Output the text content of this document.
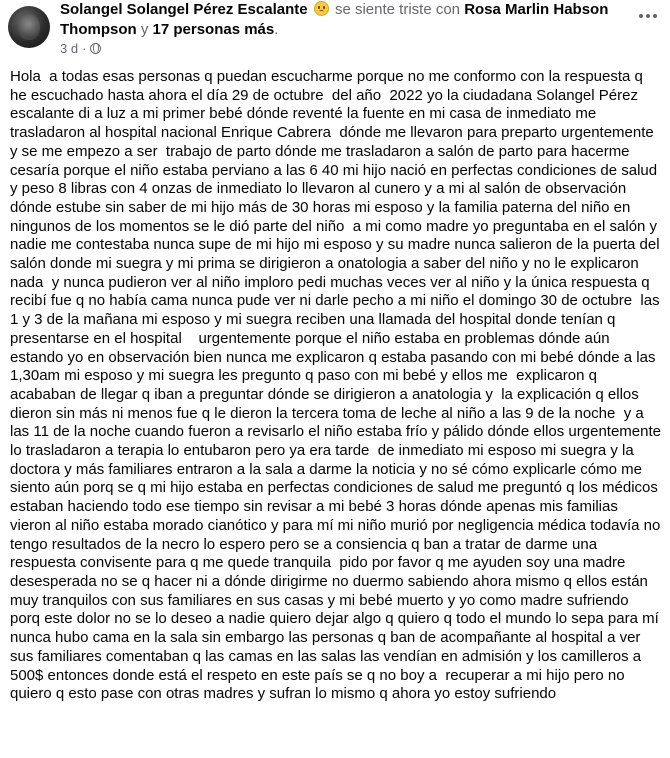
Solangel Solangel Pérez Escalante se siente triste con Rosa Marlin Habson Thompson y 17 personas más.
3 d ·
Hola  a todas esas personas q puedan escucharme porque no me conformo con la respuesta q he escuchado hasta ahora el día 29 de octubre  del año  2022 yo la ciudadana Solangel Pérez escalante di a luz a mi primer bebé dónde reventé la fuente en mi casa de inmediato me trasladaron al hospital nacional Enrique Cabrera  dónde me llevaron para preparto urgentemente y se me empezo a ser  trabajo de parto dónde me trasladaron a salón de parto para hacerme cesaría porque el niño estaba perviano a las 6 40 mi hijo nació en perfectas condiciones de salud y peso 8 libras con 4 onzas de inmediato lo llevaron al cunero y a mi al salón de observación dónde estube sin saber de mi hijo más de 30 horas mi esposo y la familia paterna del niño en ningunos de los momentos se le dió parte del niño  a mi como madre yo preguntaba en el salón y nadie me contestaba nunca supe de mi hijo mi esposo y su madre nunca salieron de la puerta del salón donde mi suegra y mi prima se dirigieron a onatologia a saber del niño y no le explicaron nada  y nunca pudieron ver al niño imploro pedi muchas veces ver al niño y la única respuesta q recibí fue q no había cama nunca pude ver ni darle pecho a mi niño el domingo 30 de octubre  las 1 y 3 de la mañana mi esposo y mi suegra reciben una llamada del hospital donde tenían q presentarse en el hospital    urgentemente porque el niño estaba en problemas dónde aún estando yo en observación bien nunca me explicaron q estaba pasando con mi bebé dónde a las 1,30am mi esposo y mi suegra les pregunto q paso con mi bebé y ellos me  explicaron q acababan de llegar q iban a preguntar dónde se dirigieron a anatologia y  la explicación q ellos dieron sin más ni menos fue q le dieron la tercera toma de leche al niño a las 9 de la noche  y a las 11 de la noche cuando fueron a revisarlo el niño estaba frío y pálido dónde ellos urgentemente lo trasladaron a terapia lo entubaron pero ya era tarde  de inmediato mi esposo mi suegra y la doctora y más familiares entraron a la sala a darme la noticia y no sé cómo explicarle cómo me siento aún porq se q mi hijo estaba en perfectas condiciones de salud me preguntó q los médicos estaban haciendo todo ese tiempo sin revisar a mi bebé 3 horas dónde apenas mis familias vieron al niño estaba morado cianótico y para mí mi niño murió por negligencia médica todavía no tengo resultados de la necro lo espero pero se a consiencia q ban a tratar de darme una respuesta convisente para q me quede tranquila  pido por favor q me ayuden soy una madre desesperada no se q hacer ni a dónde dirigirme no duermo sabiendo ahora mismo q ellos están muy tranquilos con sus familiares en sus casas y mi bebé muerto y yo como madre sufriendo porq este dolor no se lo deseo a nadie quiero dejar algo q quiero q todo el mundo lo sepa para mí nunca hubo cama en la sala sin embargo las personas q ban de acompañante al hospital a ver sus familiares comentaban q las camas en las salas las vendían en admisión y los camilleros a 500$ entonces donde está el respeto en este país se q no boy a  recuperar a mi hijo pero no quiero q esto pase con otras madres y sufran lo mismo q ahora yo estoy sufriendo
